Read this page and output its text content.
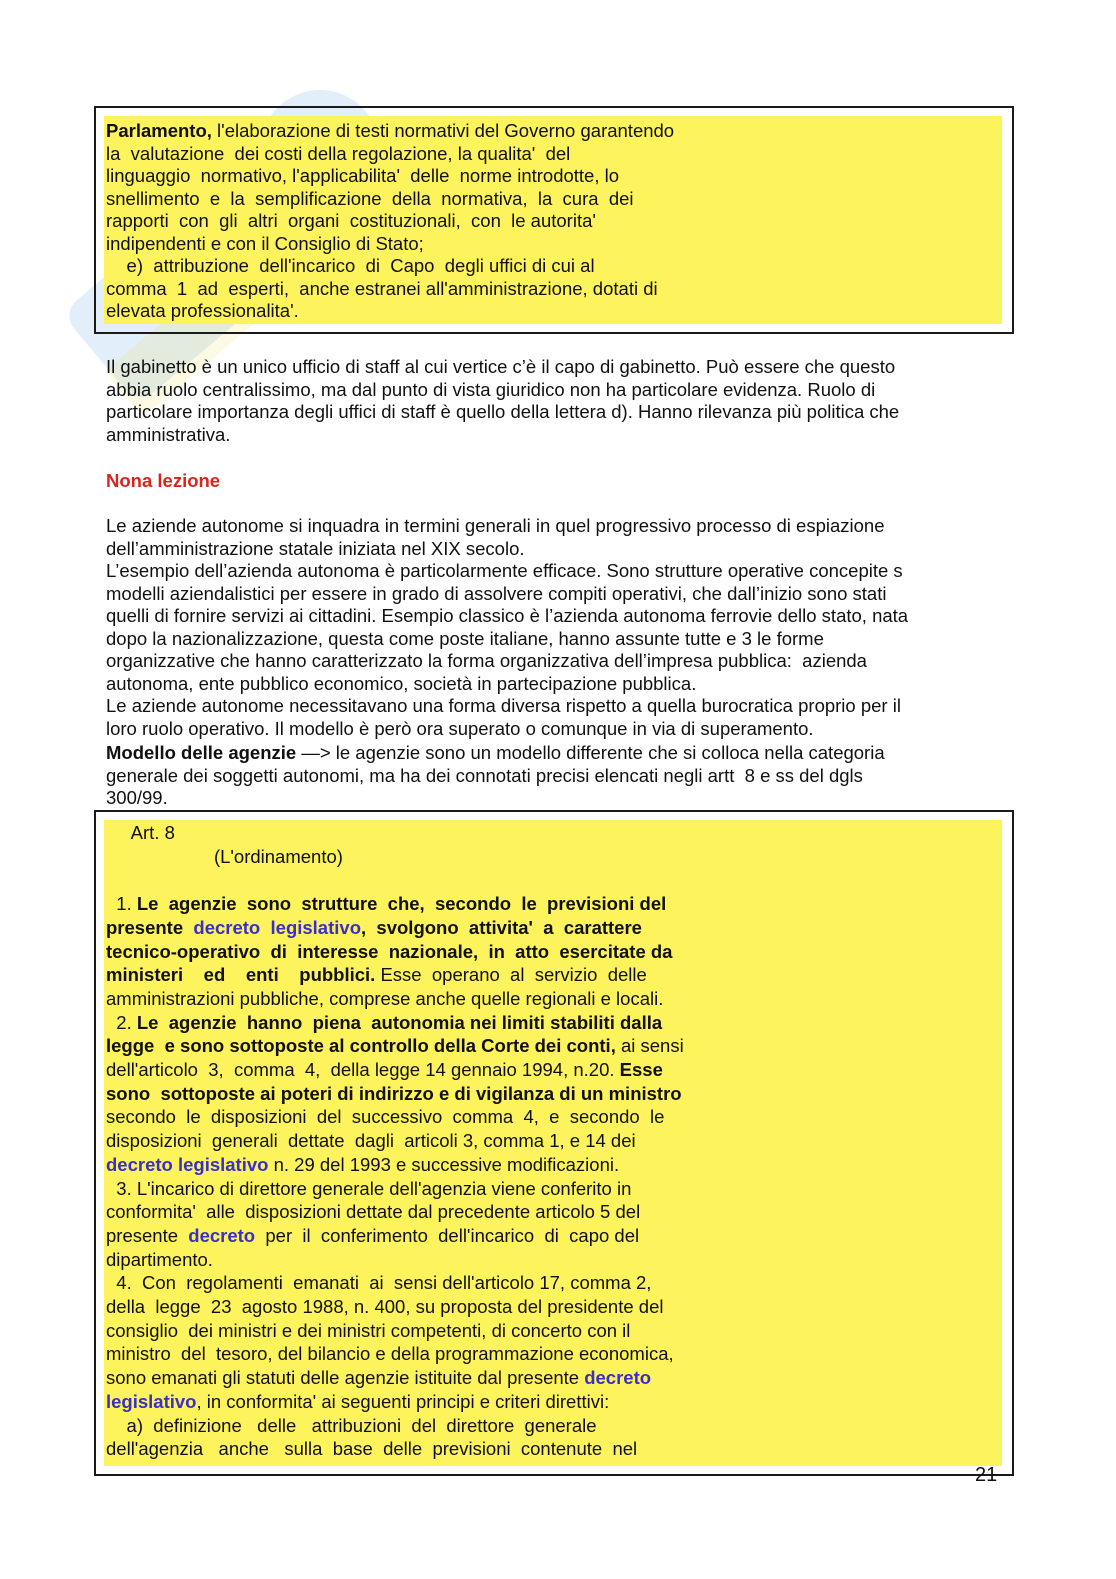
Parlamento, l'elaborazione di testi normativi del Governo garantendo
la  valutazione  dei costi della regolazione, la qualita'  del
linguaggio  normativo, l'applicabilita'  delle  norme introdotte, lo
snellimento  e  la  semplificazione  della  normativa,  la  cura  dei
rapporti  con  gli  altri  organi  costituzionali,  con  le autorita'
indipendenti e con il Consiglio di Stato;
e)  attribuzione  dell'incarico  di  Capo  degli uffici di cui al
comma  1  ad  esperti,  anche estranei all'amministrazione, dotati di
elevata professionalita'.
Il gabinetto è un unico ufficio di staff al cui vertice c’è il capo di gabinetto. Può essere che questo
abbia ruolo centralissimo, ma dal punto di vista giuridico non ha particolare evidenza. Ruolo di
particolare importanza degli uffici di staff è quello della lettera d). Hanno rilevanza più politica che
amministrativa.
Nona lezione
Le aziende autonome si inquadra in termini generali in quel progressivo processo di espiazione
dell’amministrazione statale iniziata nel XIX secolo.
L’esempio dell’azienda autonoma è particolarmente efficace. Sono strutture operative concepite s
modelli aziendalistici per essere in grado di assolvere compiti operativi, che dall’inizio sono stati
quelli di fornire servizi ai cittadini. Esempio classico è l’azienda autonoma ferrovie dello stato, nata
dopo la nazionalizzazione, questa come poste italiane, hanno assunte tutte e 3 le forme
organizzative che hanno caratterizzato la forma organizzativa dell’impresa pubblica:  azienda
autonoma, ente pubblico economico, società in partecipazione pubblica.
Le aziende autonome necessitavano una forma diversa rispetto a quella burocratica proprio per il
loro ruolo operativo. Il modello è però ora superato o comunque in via di superamento.
Modello delle agenzie —> le agenzie sono un modello differente che si colloca nella categoria
generale dei soggetti autonomi, ma ha dei connotati precisi elencati negli artt  8 e ss del dgls
300/99.
Art. 8
(L'ordinamento)
1. Le  agenzie  sono  strutture  che,  secondo  le  previsioni del
presente  decreto  legislativo,  svolgono  attivita'  a  carattere
tecnico-operativo  di  interesse  nazionale,  in  atto  esercitate da
ministeri    ed    enti    pubblici. Esse  operano  al  servizio  delle
amministrazioni pubbliche, comprese anche quelle regionali e locali.
2. Le  agenzie  hanno  piena  autonomia nei limiti stabiliti dalla
legge  e sono sottoposte al controllo della Corte dei conti, ai sensi
dell'articolo  3,  comma  4,  della legge 14 gennaio 1994, n.20. Esse
sono  sottoposte ai poteri di indirizzo e di vigilanza di un ministro
secondo  le  disposizioni  del  successivo  comma  4,  e  secondo  le
disposizioni  generali  dettate  dagli  articoli 3, comma 1, e 14 dei
decreto legislativo n. 29 del 1993 e successive modificazioni.
3. L'incarico di direttore generale dell'agenzia viene conferito in
conformita'  alle  disposizioni dettate dal precedente articolo 5 del
presente  decreto  per  il  conferimento  dell'incarico  di  capo del
dipartimento.
4.  Con  regolamenti  emanati  ai  sensi dell'articolo 17, comma 2,
della  legge  23  agosto 1988, n. 400, su proposta del presidente del
consiglio  dei ministri e dei ministri competenti, di concerto con il
ministro  del  tesoro, del bilancio e della programmazione economica,
sono emanati gli statuti delle agenzie istituite dal presente decreto
legislativo, in conformita' ai seguenti principi e criteri direttivi:
a)  definizione   delle   attribuzioni  del  direttore  generale
dell'agenzia   anche   sulla  base  delle  previsioni  contenute  nel
21
